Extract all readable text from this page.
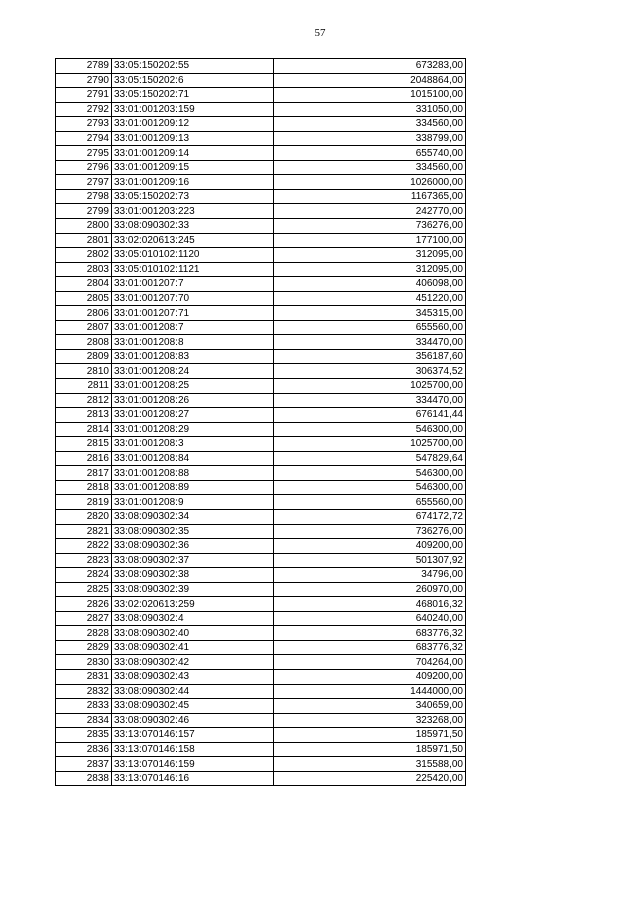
57
2789	33:05:150202:55	673283,00
2790	33:05:150202:6	2048864,00
2791	33:05:150202:71	1015100,00
2792	33:01:001203:159	331050,00
2793	33:01:001209:12	334560,00
2794	33:01:001209:13	338799,00
2795	33:01:001209:14	655740,00
2796	33:01:001209:15	334560,00
2797	33:01:001209:16	1026000,00
2798	33:05:150202:73	1167365,00
2799	33:01:001203:223	242770,00
2800	33:08:090302:33	736276,00
2801	33:02:020613:245	177100,00
2802	33:05:010102:1120	312095,00
2803	33:05:010102:1121	312095,00
2804	33:01:001207:7	406098,00
2805	33:01:001207:70	451220,00
2806	33:01:001207:71	345315,00
2807	33:01:001208:7	655560,00
2808	33:01:001208:8	334470,00
2809	33:01:001208:83	356187,60
2810	33:01:001208:24	306374,52
2811	33:01:001208:25	1025700,00
2812	33:01:001208:26	334470,00
2813	33:01:001208:27	676141,44
2814	33:01:001208:29	546300,00
2815	33:01:001208:3	1025700,00
2816	33:01:001208:84	547829,64
2817	33:01:001208:88	546300,00
2818	33:01:001208:89	546300,00
2819	33:01:001208:9	655560,00
2820	33:08:090302:34	674172,72
2821	33:08:090302:35	736276,00
2822	33:08:090302:36	409200,00
2823	33:08:090302:37	501307,92
2824	33:08:090302:38	34796,00
2825	33:08:090302:39	260970,00
2826	33:02:020613:259	468016,32
2827	33:08:090302:4	640240,00
2828	33:08:090302:40	683776,32
2829	33:08:090302:41	683776,32
2830	33:08:090302:42	704264,00
2831	33:08:090302:43	409200,00
2832	33:08:090302:44	1444000,00
2833	33:08:090302:45	340659,00
2834	33:08:090302:46	323268,00
2835	33:13:070146:157	185971,50
2836	33:13:070146:158	185971,50
2837	33:13:070146:159	315588,00
2838	33:13:070146:16	225420,00
